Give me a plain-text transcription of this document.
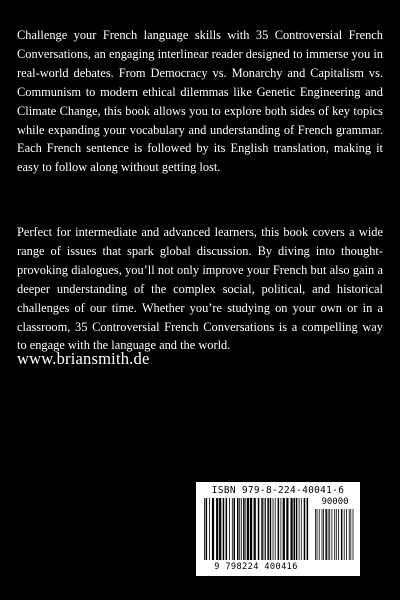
Challenge your French language skills with 35 Controversial French Conversations, an engaging interlinear reader designed to immerse you in real-world debates. From Democracy vs. Monarchy and Capitalism vs. Communism to modern ethical dilemmas like Genetic Engineering and Climate Change, this book allows you to explore both sides of key topics while expanding your vocabulary and understanding of French grammar. Each French sentence is followed by its English translation, making it easy to follow along without getting lost.

Perfect for intermediate and advanced learners, this book covers a wide range of issues that spark global discussion. By diving into thought-provoking dialogues, you’ll not only improve your French but also gain a deeper understanding of the complex social, political, and historical challenges of our time. Whether you’re studying on your own or in a classroom, 35 Controversial French Conversations is a compelling way to engage with the language and the world.

www.briansmith.de

ISBN 979-8-224-40041-6
90000
9 798224 400416
